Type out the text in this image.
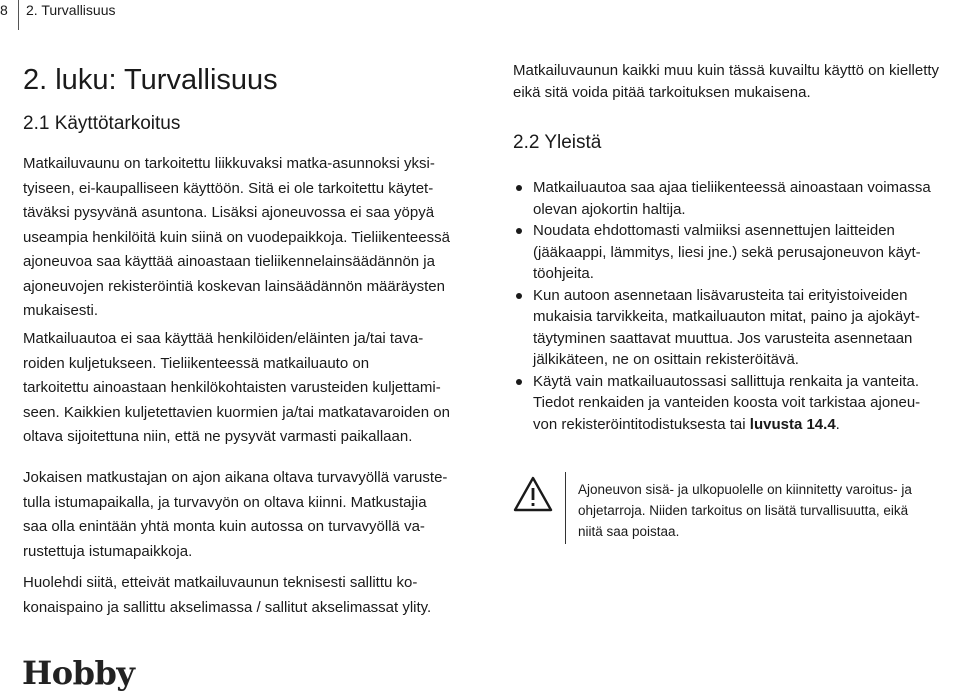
8 2. Turvallisuus
2. luku: Turvallisuus
2.1 Käyttötarkoitus

Matkailuvaunu on tarkoitettu liikkuvaksi matka-asunnoksi yksi-
tyiseen, ei-kaupalliseen käyttöön. Sitä ei ole tarkoitettu käytet-
täväksi pysyvänä asuntona. Lisäksi ajoneuvossa ei saa yöpyä
useampia henkilöitä kuin siinä on vuodepaikkoja. Tieliikenteessä
ajoneuvoa saa käyttää ainoastaan tieliikennelainsäädännön ja
ajoneuvojen rekisteröintiä koskevan lainsäädännön määräysten
mukaisesti.

Matkailuautoa ei saa käyttää henkilöiden/eläinten ja/tai tava-
roiden kuljetukseen. Tieliikenteessä matkailuauto on
tarkoitettu ainoastaan henkilökohtaisten varusteiden kuljettami-
seen. Kaikkien kuljetettavien kuormien ja/tai matkatavaroiden on
oltava sijoitettuna niin, että ne pysyvät varmasti paikallaan.

Jokaisen matkustajan on ajon aikana oltava turvavyöllä varuste-
tulla istumapaikalla, ja turvavyön on oltava kiinni. Matkustajia
saa olla enintään yhtä monta kuin autossa on turvavyöllä va-
rustettuja istumapaikkoja.

Huolehdi siitä, etteivät matkailuvaunun teknisesti sallittu ko-
konaispaino ja sallittu akselimassa / sallitut akselimassat ylity.

Matkailuvaunun kaikki muu kuin tässä kuvailtu käyttö on kielletty
eikä sitä voida pitää tarkoituksen mukaisena.

2.2 Yleistä
Matkailuautoa saa ajaa tieliikenteessä ainoastaan voimassa
olevan ajokortin haltija.
Noudata ehdottomasti valmiiksi asennettujen laitteiden
(jääkaappi, lämmitys, liesi jne.) sekä perusajoneuvon käyt-
töohjeita.
Kun autoon asennetaan lisävarusteita tai erityistoiveiden
mukaisia tarvikkeita, matkailuauton mitat, paino ja ajokäyt-
täytyminen saattavat muuttua. Jos varusteita asennetaan
jälkikäteen, ne on osittain rekisteröitävä.
Käytä vain matkailuautossasi sallittuja renkaita ja vanteita.
Tiedot renkaiden ja vanteiden koosta voit tarkistaa ajoneu-
von rekisteröintitodistuksesta tai luvusta 14.4.
Ajoneuvon sisä- ja ulkopuolelle on kiinnitetty varoitus- ja
ohjetarroja. Niiden tarkoitus on lisätä turvallisuutta, eikä
niitä saa poistaa.
Hobby
